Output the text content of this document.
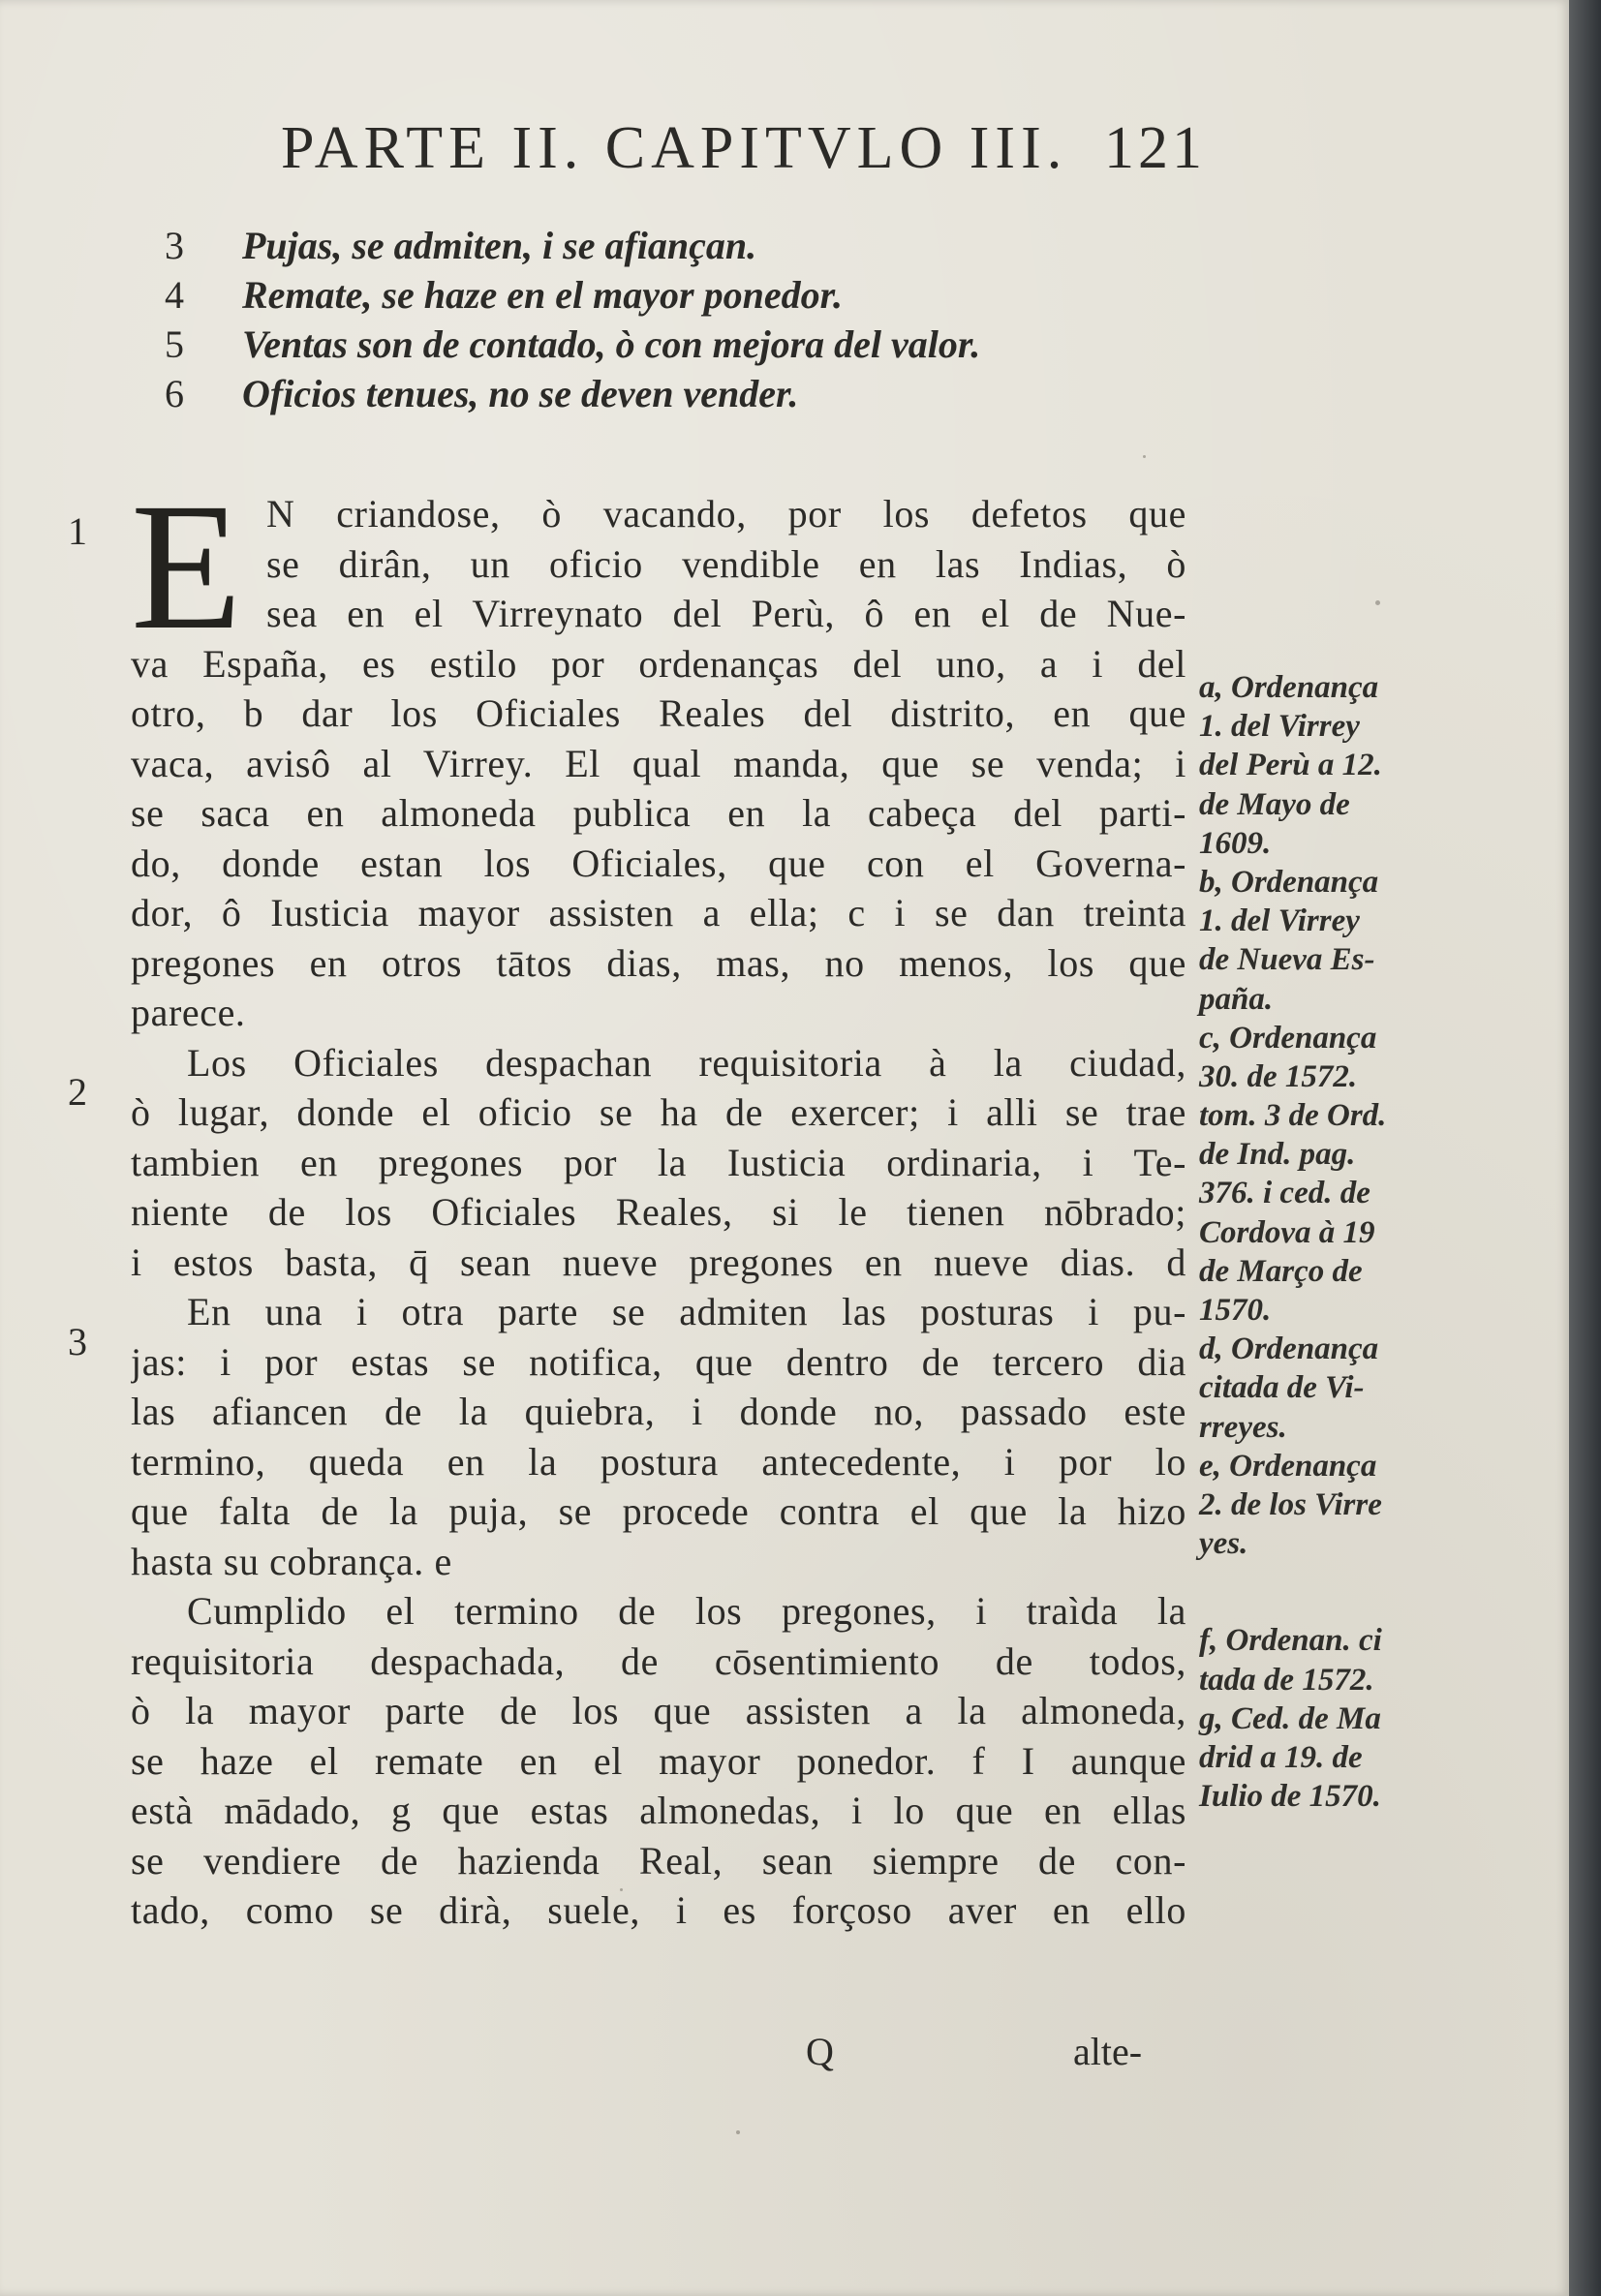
PARTE II. CAPITVLO III. 121
3	Pujas, se admiten, i se afiançan.
4	Remate, se haze en el mayor ponedor.
5	Ventas son de contado, ò con mejora del valor.
6	Oficios tenues, no se deven vender.
E
1
2
3
N criandose, ò vacando, por los defetos que
se dirân, un oficio vendible en las Indias, ò
sea en el Virreynato del Perù, ô en el de Nue-
va España, es estilo por ordenanças del uno, a i del
otro, b dar los Oficiales Reales del distrito, en que
vaca, avisô al Virrey. El qual manda, que se venda; i
se saca en almoneda publica en la cabeça del parti-
do, donde estan los Oficiales, que con el Governa-
dor, ô Iusticia mayor assisten a ella; c i se dan treinta
pregones en otros tātos dias, mas, no menos, los que
parece.
Los Oficiales despachan requisitoria à la ciudad,
ò lugar, donde el oficio se ha de exercer; i alli se trae
tambien en pregones por la Iusticia ordinaria, i Te-
niente de los Oficiales Reales, si le tienen nōbrado;
i estos basta, q̄ sean nueve pregones en nueve dias. d
En una i otra parte se admiten las posturas i pu-
jas: i por estas se notifica, que dentro de tercero dia
las afiancen de la quiebra, i donde no, passado este
termino, queda en la postura antecedente, i por lo
que falta de la puja, se procede contra el que la hizo
hasta su cobrança. e
Cumplido el termino de los pregones, i traìda la
requisitoria despachada, de cōsentimiento de todos,
ò la mayor parte de los que assisten a la almoneda,
se haze el remate en el mayor ponedor. f I aunque
està mādado, g que estas almonedas, i lo que en ellas
se vendiere de hazienda Real, sean siempre de con-
tado, como se dirà, suele, i es forçoso aver en ello
a, Ordenança
1. del Virrey
del Perù a 12.
de Mayo de
1609.
b, Ordenança
1. del Virrey
de Nueva Es-
paña.
c, Ordenança
30. de 1572.
tom. 3 de Ord.
de Ind. pag.
376. i ced. de
Cordova à 19
de Março de
1570.
d, Ordenança
citada de Vi-
rreyes.
e, Ordenança
2. de los Virre
yes.
f, Ordenan. ci
tada de 1572.
g, Ced. de Ma
drid a 19. de
Iulio de 1570.
Q	alte-
